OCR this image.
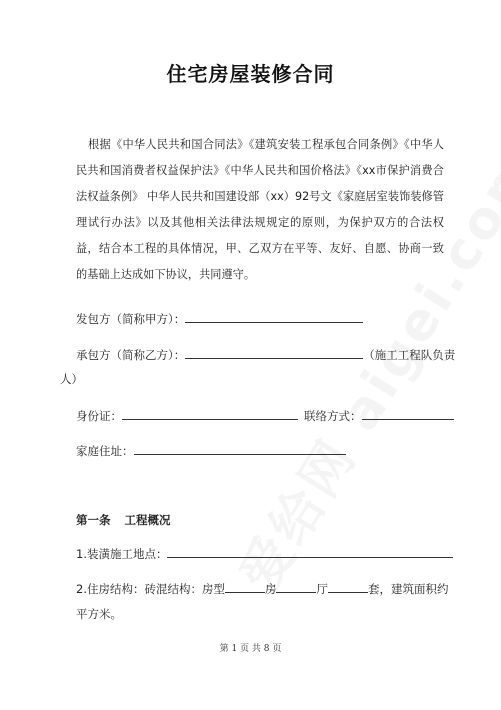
住宅房屋装修合同
根据《中华人民共和国合同法》《建筑安装工程承包合同条例》《中华人民共和国消费者权益保护法》《中华人民共和国价格法》《xx市保护消费合法权益条例》 中华人民共和国建设部（xx）92号文《家庭居室装饰装修管理试行办法》以及其他相关法律法规规定的原则，为保护双方的合法权益，结合本工程的具体情况，甲、乙双方在平等、友好、自愿、协商一致的基础上达成如下协议，共同遵守。
发包方（简称甲方）：
承包方（简称乙方）：	（施工工程队负责
人）
身份证：	联络方式：
家庭住址：
第一条 工程概况
1.装潢施工地点：
2.住房结构：砖混结构：房型	房	厅	套，建筑面积约
平方米。
第 1 页 共 8 页
